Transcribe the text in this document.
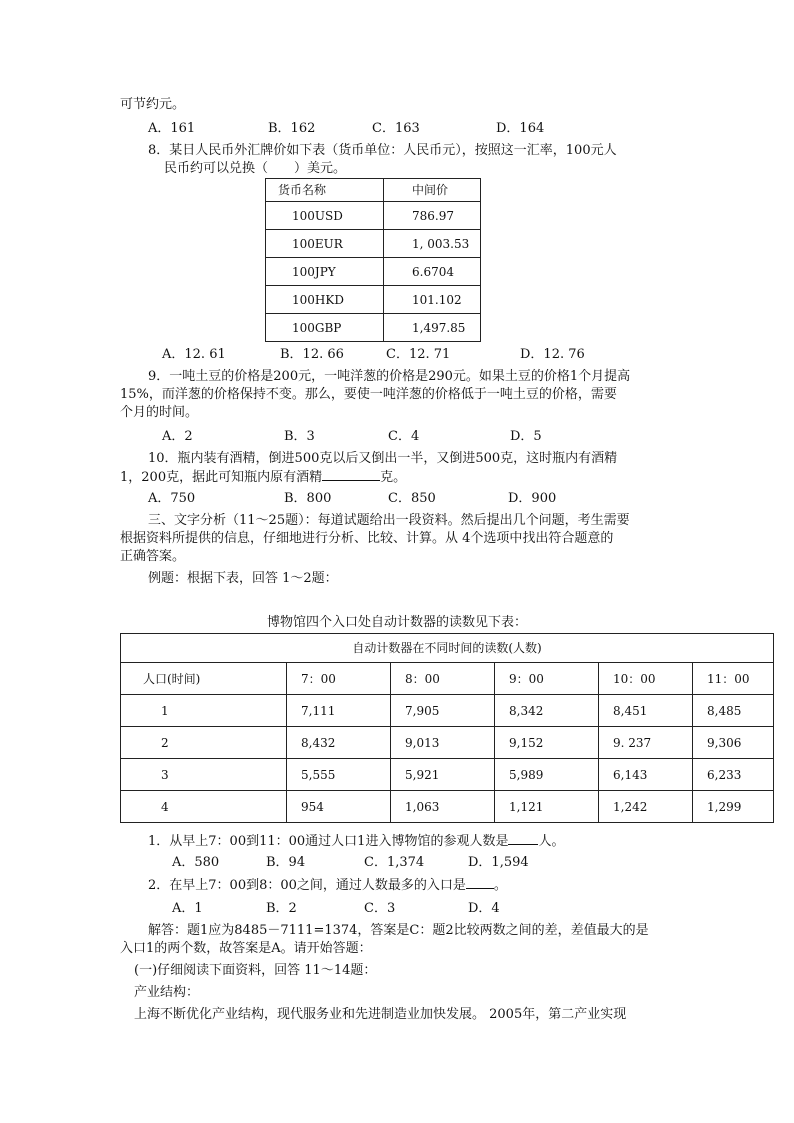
可节约元。
A．161	B．162	C．163	D．164
8．某日人民币外汇牌价如下表（货币单位：人民币元），按照这一汇率，100元人
民币约可以兑换（　　）美元。
货币名称	中间价
100USD	786.97
100EUR	1, 003.53
100JPY	6.6704
100HKD	101.102
100GBP	1,497.85
A．12. 61	B．12. 66	C．12. 71	D．12. 76
9．一吨土豆的价格是200元，一吨洋葱的价格是290元。如果土豆的价格1个月提高
15%，而洋葱的价格保持不变。那么，要使一吨洋葱的价格低于一吨土豆的价格，需要
个月的时间。
A．2	B．3	C．4	D．5
10．瓶内装有酒精，倒进500克以后又倒出一半，又倒进500克，这时瓶内有酒精
1，200克，据此可知瓶内原有酒精	克。
A．750	B．800	C．850	D．900
三、文字分析（11～25题）：每道试题给出一段资料。然后提出几个问题，考生需要
根据资料所提供的信息，仔细地进行分析、比较、计算。从 4个选项中找出符合题意的
正确答案。
例题：根据下表，回答 1～2题：
博物馆四个入口处自动计数器的读数见下表：
自动计数器在不同时间的读数(人数)					
人口(时间)	7：00	8：00	9：00	10：00	11：00
1	7,111	7,905	8,342	8,451	8,485
2	8,432	9,013	9,152	9. 237	9,306
3	5,555	5,921	5,989	6,143	6,233
4	954	1,063	1,121	1,242	1,299
1．从早上7：00到11：00通过人口1进入博物馆的参观人数是 人。
A．580	B．94	C．1,374	D．1,594
2．在早上7：00到8：00之间，通过人数最多的入口是 。
A．1	B．2	C．3	D．4
解答：题1应为8485－7111=1374，答案是C：题2比较两数之间的差，差值最大的是
入口1的两个数，故答案是A。请开始答题：
(一)仔细阅读下面资料，回答 11～14题：
产业结构：
上海不断优化产业结构，现代服务业和先进制造业加快发展。 2005年，第二产业实现
